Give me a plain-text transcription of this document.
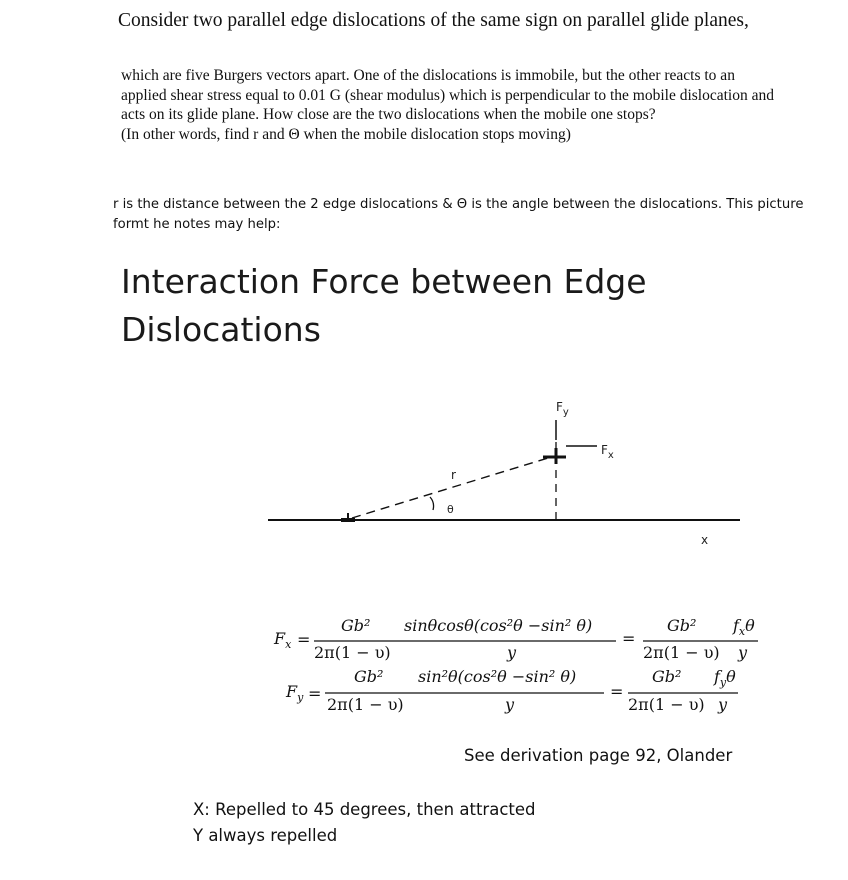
Consider two parallel edge dislocations of the same sign on parallel glide planes,

which are five Burgers vectors apart. One of the dislocations is immobile, but the other reacts to an applied shear stress equal to 0.01 G (shear modulus) which is perpendicular to the mobile dislocation and acts on its glide plane. How close are the two dislocations when the mobile one stops?

(In other words, find r and Θ when the mobile dislocation stops moving)

r is the distance between the 2 edge dislocations & Θ is the angle between the dislocations. This picture formt he notes may help:
Interaction Force between Edge
Dislocations
$F_y$
$F_x$
r
θ
x
$F_x$ =
Gb²
2π(1 − υ)
sinθcosθ(cos²θ −sin² θ)
y
=
Gb²
2π(1 − υ)
$f_x\theta$
y
$F_y$ =
Gb²
2π(1 − υ)
sin²θ(cos²θ −sin² θ)
y
=
Gb²
2π(1 − υ)
$f_y\theta$
y
See derivation page 92, Olander
X: Repelled to 45 degrees, then attracted
Y always repelled
